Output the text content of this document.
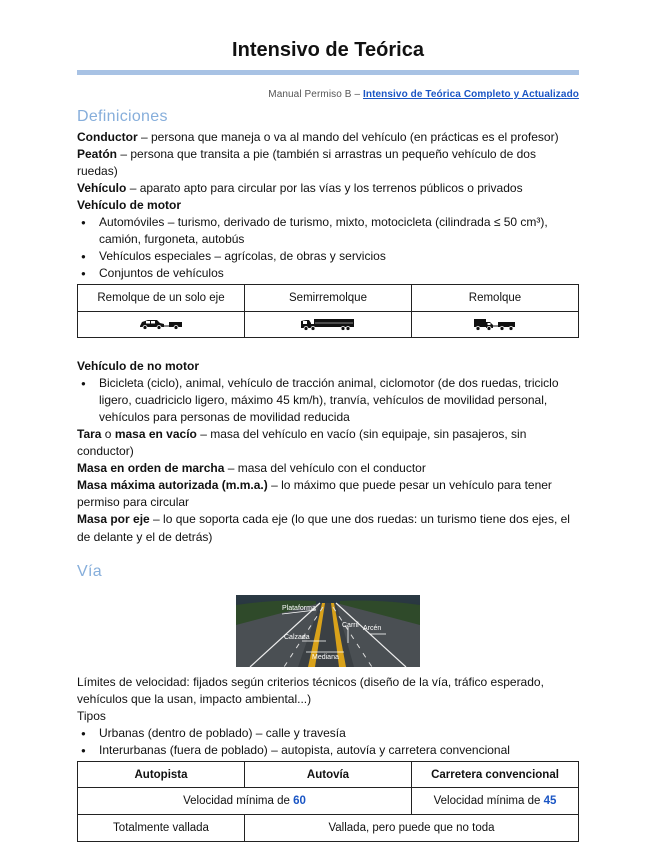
Intensivo de Teórica

Manual Permiso B – Intensivo de Teórica Completo y Actualizado

Definiciones

Conductor – persona que maneja o va al mando del vehículo (en prácticas es el profesor)

Peatón – persona que transita a pie (también si arrastras un pequeño vehículo de dos ruedas)

Vehículo – aparato apto para circular por las vías y los terrenos públicos o privados

Vehículo de motor

● Automóviles – turismo, derivado de turismo, mixto, motocicleta (cilindrada ≤ 50 cm³), camión, furgoneta, autobús
● Vehículos especiales – agrícolas, de obras y servicios
● Conjuntos de vehículos
Remolque de un solo eje	Semirremolque	Remolque

Vehículo de no motor

● Bicicleta (ciclo), animal, vehículo de tracción animal, ciclomotor (de dos ruedas, triciclo ligero, cuadriciclo ligero, máximo 45 km/h), tranvía, vehículos de movilidad personal, vehículos para personas de movilidad reducida

Tara o masa en vacío – masa del vehículo en vacío (sin equipaje, sin pasajeros, sin conductor)

Masa en orden de marcha – masa del vehículo con el conductor

Masa máxima autorizada (m.m.a.) – lo máximo que puede pesar un vehículo para tener permiso para circular

Masa por eje – lo que soporta cada eje (lo que une dos ruedas: un turismo tiene dos ejes, el de delante y el de detrás)

Vía
Plataforma
Carril Arcén
Calzada
Mediana

Límites de velocidad: fijados según criterios técnicos (diseño de la vía, tráfico esperado, vehículos que la usan, impacto ambiental...)

Tipos

● Urbanas (dentro de poblado) – calle y travesía
● Interurbanas (fuera de poblado) – autopista, autovía y carretera convencional
Autopista	Autovía	Carretera convencional
Velocidad mínima de 60		Velocidad mínima de 45
Totalmente vallada	Vallada, pero puede que no toda	
